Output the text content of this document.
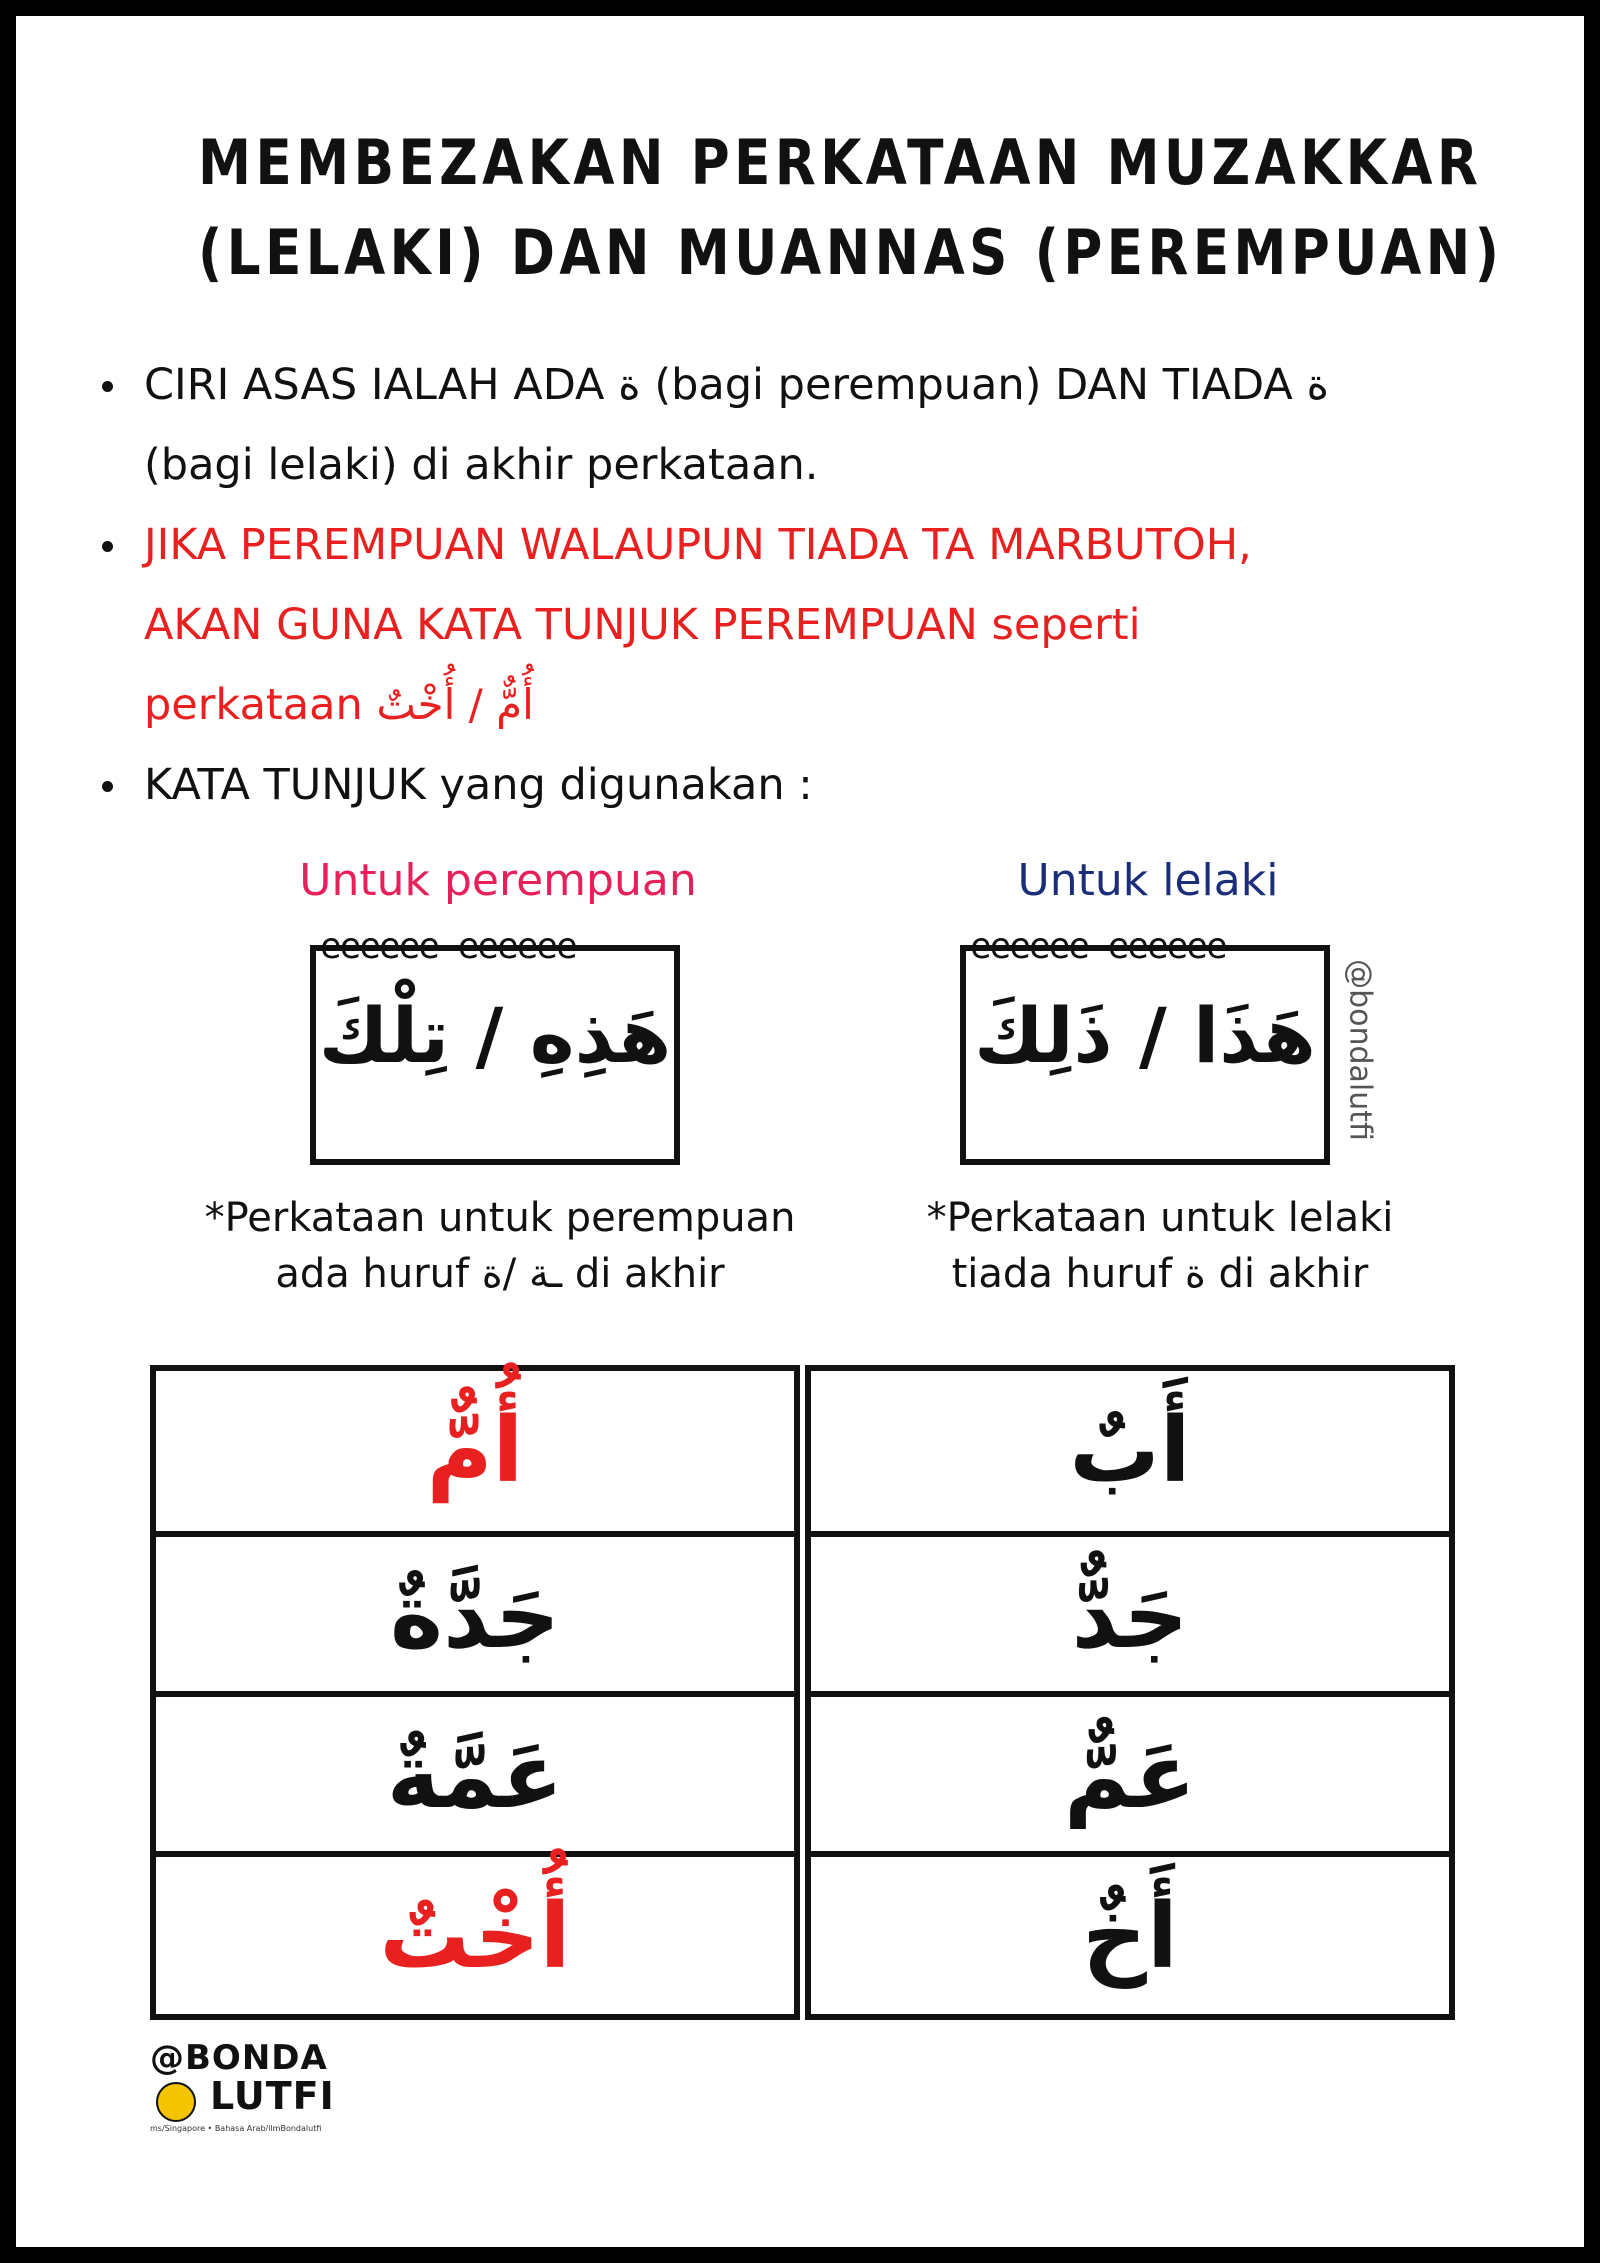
MEMBEZAKAN PERKATAAN MUZAKKAR
(LELAKI) DAN MUANNAS (PEREMPUAN)
CIRI ASAS IALAH ADA ة (bagi perempuan) DAN TIADA ة
(bagi lelaki) di akhir perkataan.
JIKA PEREMPUAN WALAUPUN TIADA TA MARBUTOH,
AKAN GUNA KATA TUNJUK PEREMPUAN seperti
perkataan أُمٌّ / أُخْتٌ
KATA TUNJUK yang digunakan :
Untuk perempuan	Untuk lelaki
ееееее ееееее
هَذِهِ / تِلْكَ
ееееее ееееее
هَذَا / ذَلِكَ @bondalutfi
*Perkataan untuk perempuan
ada huruf ـة /ة di akhir
*Perkataan untuk lelaki
tiada huruf ة di akhir
أُمٌّ
جَدَّةٌ
عَمَّةٌ
أُخْتٌ
أَبٌ
جَدٌّ
عَمٌّ
أَخٌ
@BONDA
LUTFI
ms/Singapore • Bahasa Arab/ilmBondalutfi
